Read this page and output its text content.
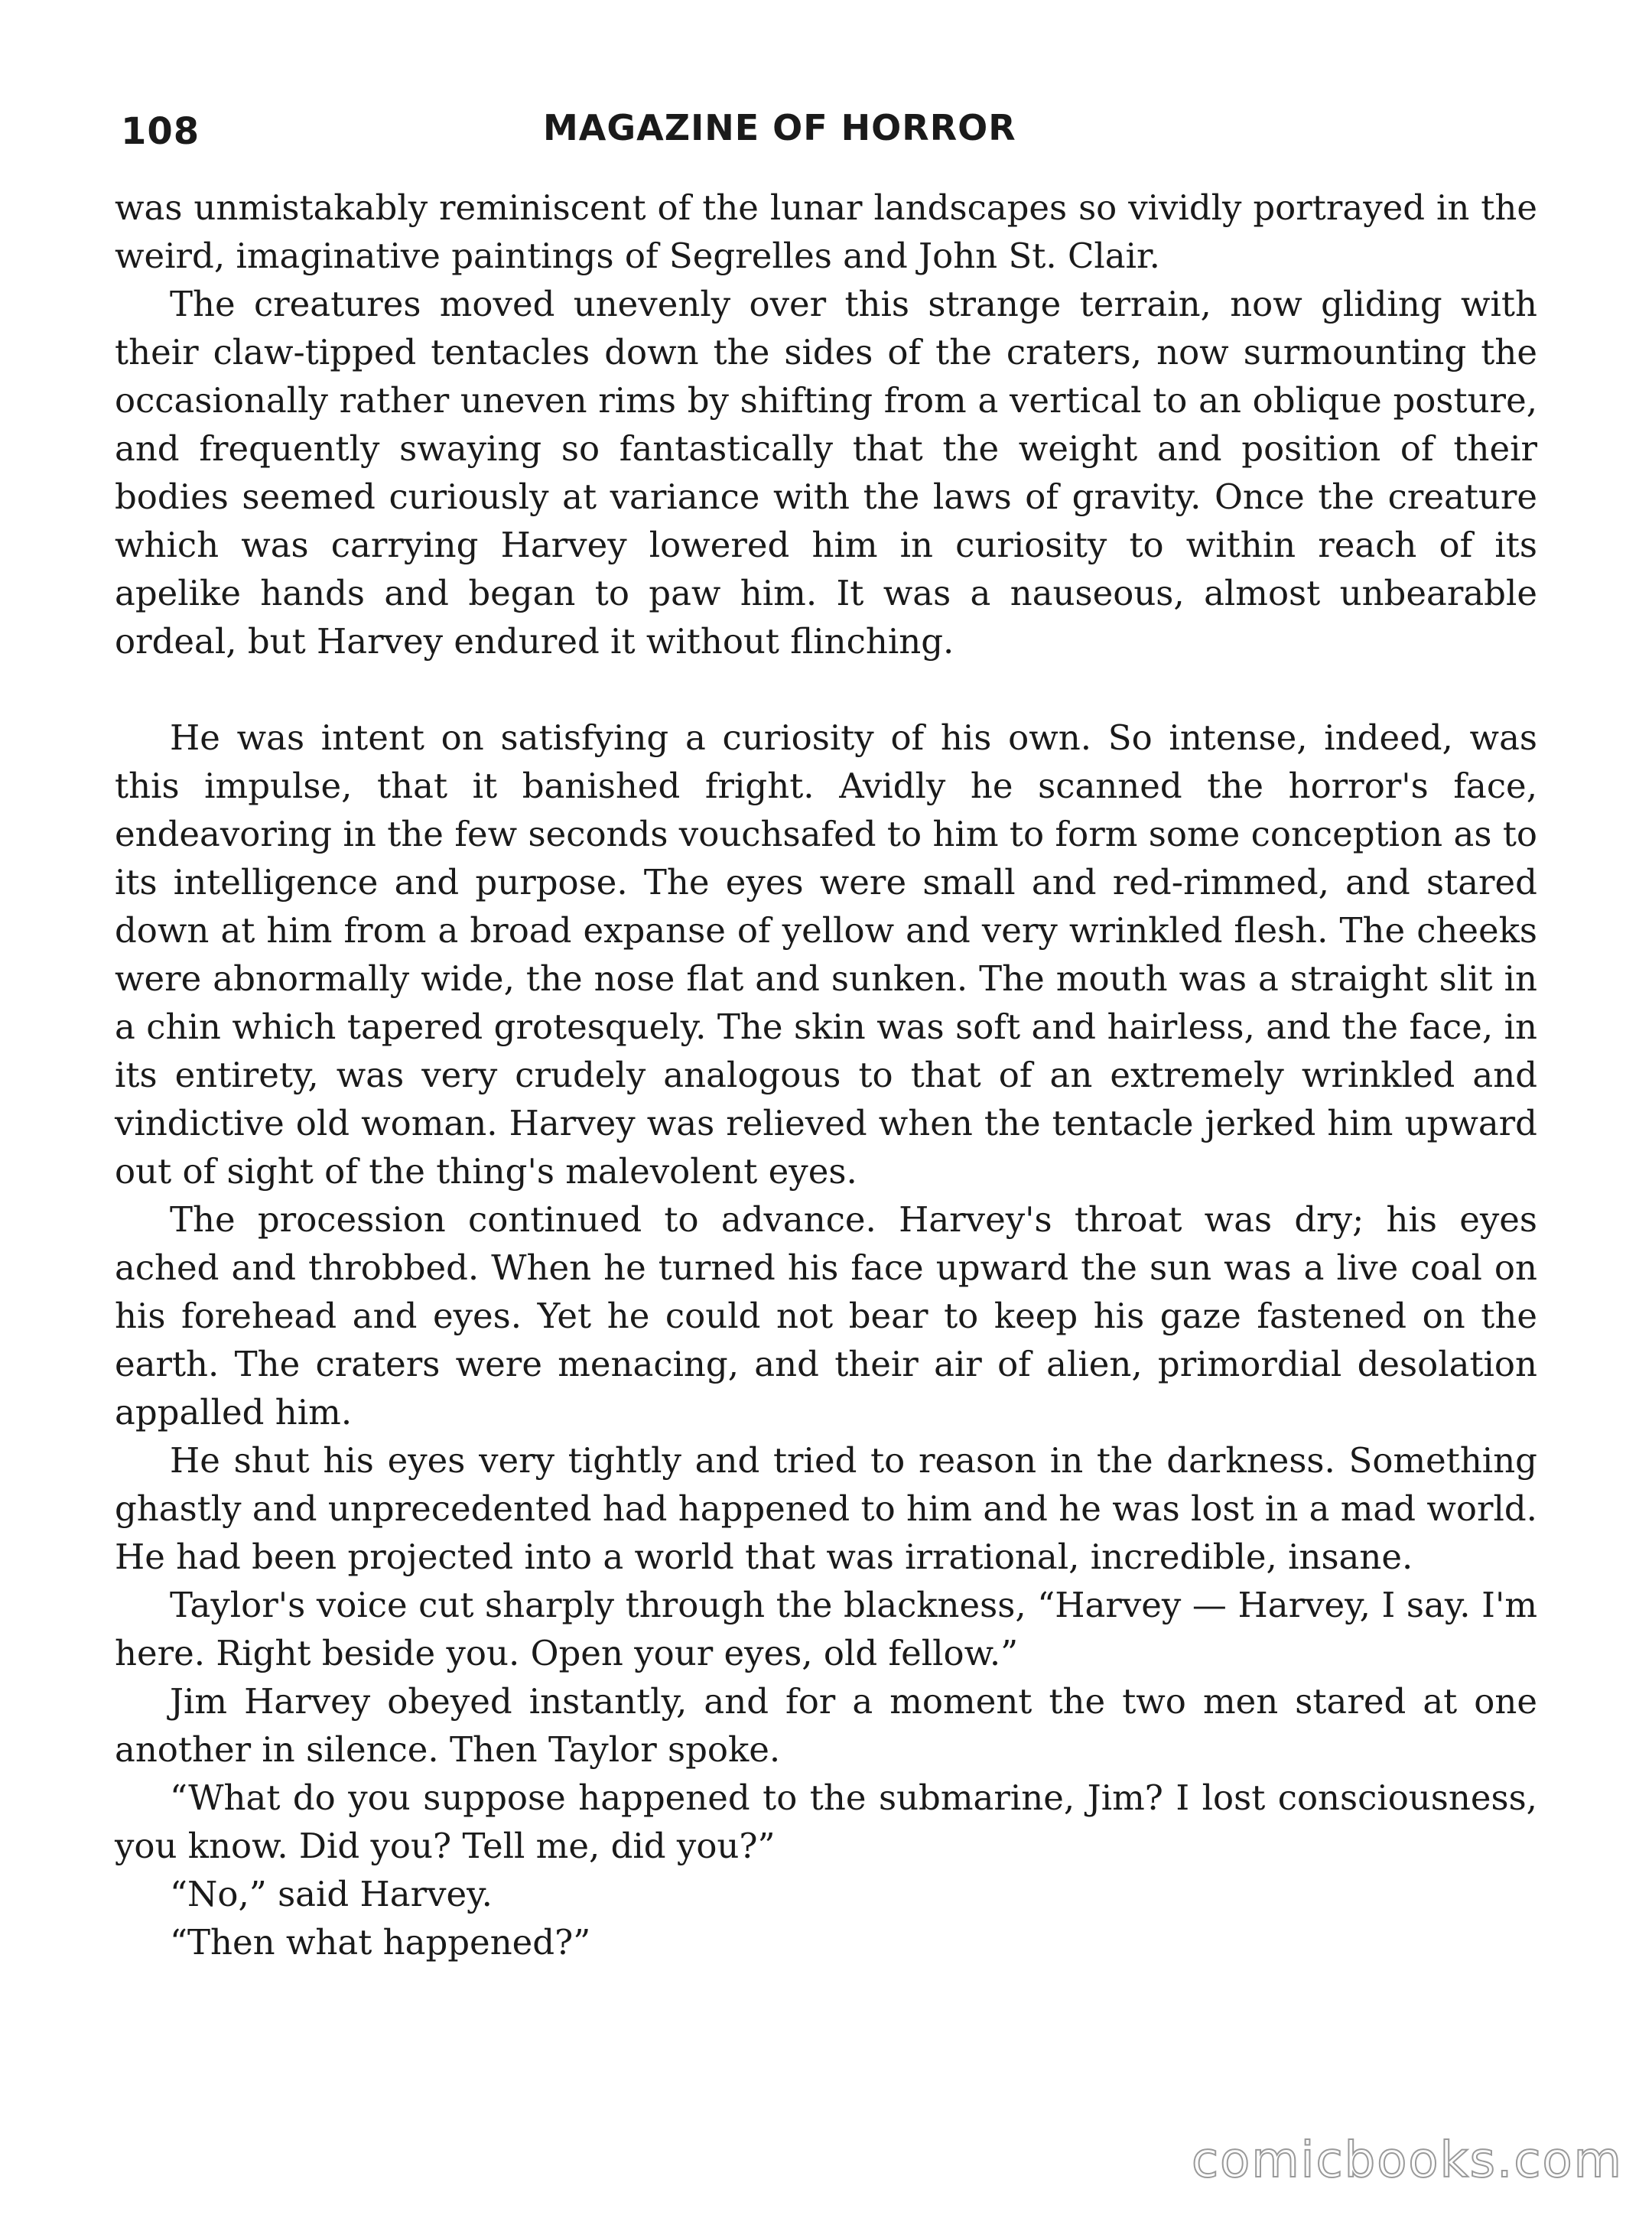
108	MAGAZINE OF HORROR

was unmistakably reminiscent of the lunar landscapes so vividly portrayed in the weird, imaginative paintings of Segrelles and John St. Clair.

The creatures moved unevenly over this strange terrain, now gliding with their claw-tipped tentacles down the sides of the craters, now surmounting the occasionally rather uneven rims by shifting from a vertical to an oblique posture, and frequently swaying so fantastically that the weight and position of their bodies seemed curiously at variance with the laws of gravity. Once the creature which was carrying Harvey lowered him in curiosity to within reach of its apelike hands and began to paw him. It was a nauseous, almost unbearable ordeal, but Harvey endured it without flinching.

He was intent on satisfying a curiosity of his own. So intense, indeed, was this impulse, that it banished fright. Avidly he scanned the horror's face, endeavoring in the few seconds vouchsafed to him to form some conception as to its intelligence and purpose. The eyes were small and red-rimmed, and stared down at him from a broad expanse of yellow and very wrinkled flesh. The cheeks were abnormally wide, the nose flat and sunken. The mouth was a straight slit in a chin which tapered grotesquely. The skin was soft and hairless, and the face, in its entirety, was very crudely analogous to that of an extremely wrinkled and vindictive old woman. Harvey was relieved when the tentacle jerked him upward out of sight of the thing's malevolent eyes.

The procession continued to advance. Harvey's throat was dry; his eyes ached and throbbed. When he turned his face upward the sun was a live coal on his forehead and eyes. Yet he could not bear to keep his gaze fastened on the earth. The craters were menacing, and their air of alien, primordial desolation appalled him.

He shut his eyes very tightly and tried to reason in the darkness. Something ghastly and unprecedented had happened to him and he was lost in a mad world. He had been projected into a world that was irrational, incredible, insane.

Taylor's voice cut sharply through the blackness, “Harvey — Harvey, I say. I'm here. Right beside you. Open your eyes, old fellow.”

Jim Harvey obeyed instantly, and for a moment the two men stared at one another in silence. Then Taylor spoke.

“What do you suppose happened to the submarine, Jim? I lost consciousness, you know. Did you? Tell me, did you?”

“No,” said Harvey.

“Then what happened?”

comicbooks.com
